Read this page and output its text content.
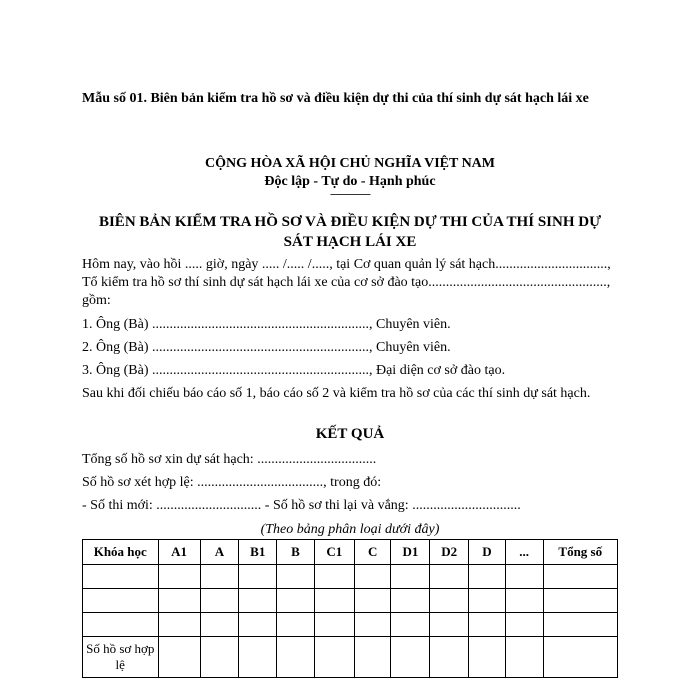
Mẫu số 01. Biên bản kiểm tra hồ sơ và điều kiện dự thi của thí sinh dự sát hạch lái xe
CỘNG HÒA XÃ HỘI CHỦ NGHĨA VIỆT NAM
Độc lập - Tự do - Hạnh phúc
---------------
BIÊN BẢN KIỂM TRA HỒ SƠ VÀ ĐIỀU KIỆN DỰ THI CỦA THÍ SINH DỰ SÁT HẠCH LÁI XE
Hôm nay, vào hồi ..... giờ, ngày ..... /..... /....., tại Cơ quan quản lý sát hạch................................, Tổ kiểm tra hồ sơ thí sinh dự sát hạch lái xe của cơ sở đào tạo..................................................., gồm:
1. Ông (Bà) .............................................................., Chuyên viên.
2. Ông (Bà) .............................................................., Chuyên viên.
3. Ông (Bà) .............................................................., Đại diện cơ sở đào tạo.
Sau khi đối chiếu báo cáo số 1, báo cáo số 2 và kiểm tra hồ sơ của các thí sinh dự sát hạch.
KẾT QUẢ
Tổng số hồ sơ xin dự sát hạch: ..................................
Số hồ sơ xét hợp lệ: ...................................., trong đó:
- Số thi mới: .............................. - Số hồ sơ thi lại và vắng: ...............................
(Theo bảng phân loại dưới đây)
Khóa học	A1	A	B1	B	C1	C	D1	D2	D	...	Tổng số

Số hồ sơ hợp lệ											
